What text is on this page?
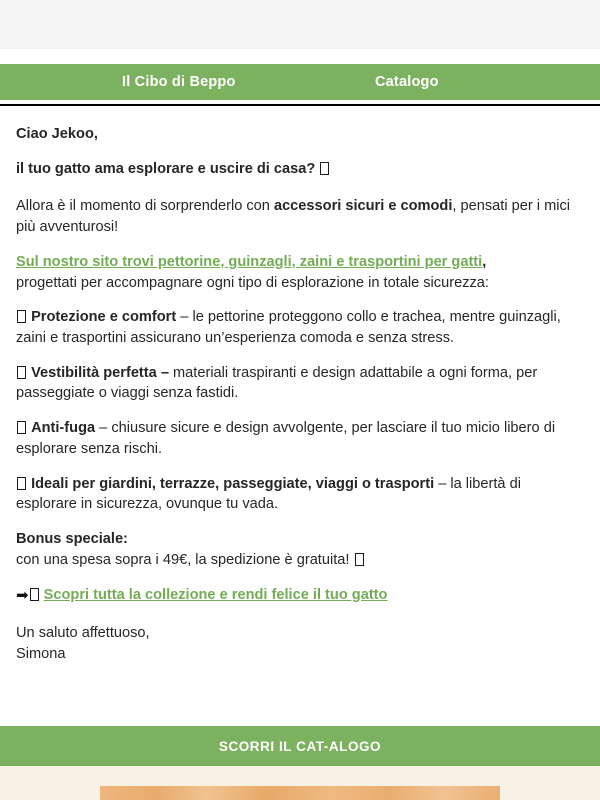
Il Cibo di Beppo	Catalogo

Ciao Jekoo,

il tuo gatto ama esplorare e uscire di casa?

Allora è il momento di sorprenderlo con accessori sicuri e comodi, pensati per i mici più avventurosi!

Sul nostro sito trovi pettorine, guinzagli, zaini e trasportini per gatti,
progettati per accompagnare ogni tipo di esplorazione in totale sicurezza:

Protezione e comfort – le pettorine proteggono collo e trachea, mentre guinzagli, zaini e trasportini assicurano un’esperienza comoda e senza stress.

Vestibilità perfetta – materiali traspiranti e design adattabile a ogni forma, per passeggiate o viaggi senza fastidi.

Anti-fuga – chiusure sicure e design avvolgente, per lasciare il tuo micio libero di esplorare senza rischi.

Ideali per giardini, terrazze, passeggiate, viaggi o trasporti – la libertà di esplorare in sicurezza, ovunque tu vada.

Bonus speciale:
con una spesa sopra i 49€, la spedizione è gratuita!

➡ Scopri tutta la collezione e rendi felice il tuo gatto

Un saluto affettuoso,
Simona

SCORRI IL CAT-ALOGO
